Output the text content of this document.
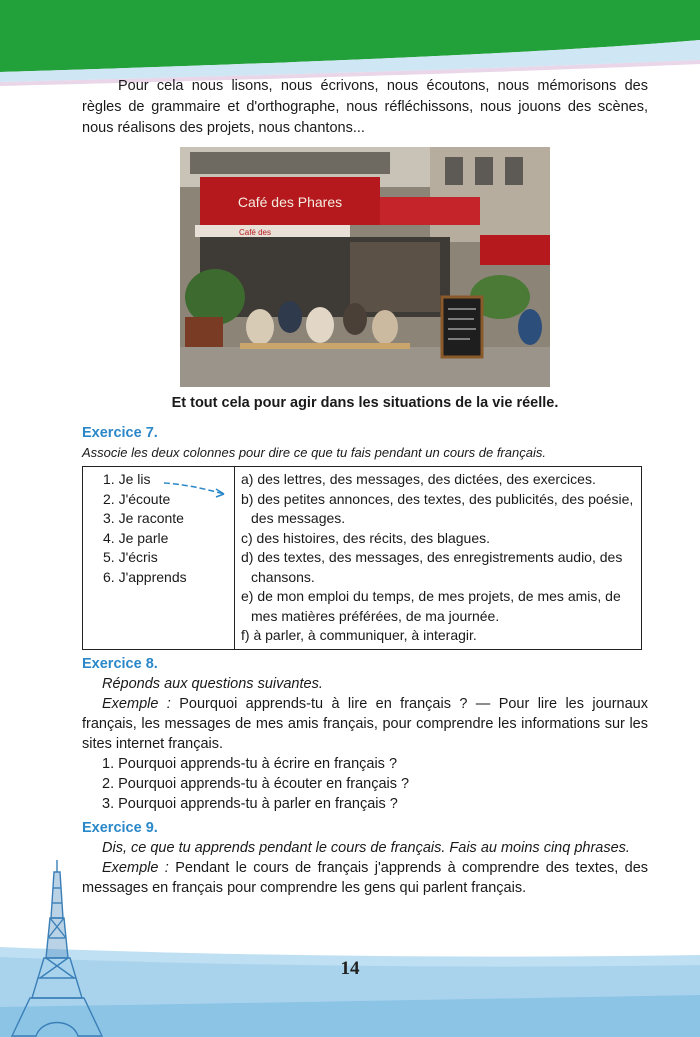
Pour cela nous lisons, nous écrivons, nous écoutons, nous mémorisons des règles de grammaire et d'orthographe, nous réfléchissons, nous jouons des scènes, nous réalisons des projets, nous chantons...

Café des Phares
Café des

Et tout cela pour agir dans les situations de la vie réelle.

Exercice 7.

Associe les deux colonnes pour dire ce que tu fais pendant un cours de français.

1. Je lis
2. J'écoute
3. Je raconte
4. Je parle
5. J'écris
6. J'apprends

a) des lettres, des messages, des dictées, des exercices.
b) des petites annonces, des textes, des publicités, des poésie, des messages.
c) des histoires, des récits, des blagues.
d) des textes, des messages, des enregistrements audio, des chansons.
e) de mon emploi du temps, de mes projets, de mes amis, de mes matières préférées, de ma journée.
f) à parler, à communiquer, à interagir.

Exercice 8.

Réponds aux questions suivantes.

Exemple : Pourquoi apprends-tu à lire en français ? — Pour lire les journaux français, les messages de mes amis français, pour comprendre les informations sur les sites internet français.

1. Pourquoi apprends-tu à écrire en français ?
2. Pourquoi apprends-tu à écouter en français ?
3. Pourquoi apprends-tu à parler en français ?

Exercice 9.

Dis, ce que tu apprends pendant le cours de français. Fais au moins cinq phrases.

Exemple : Pendant le cours de français j'apprends à comprendre des textes, des messages en français pour comprendre les gens qui parlent français.

14
